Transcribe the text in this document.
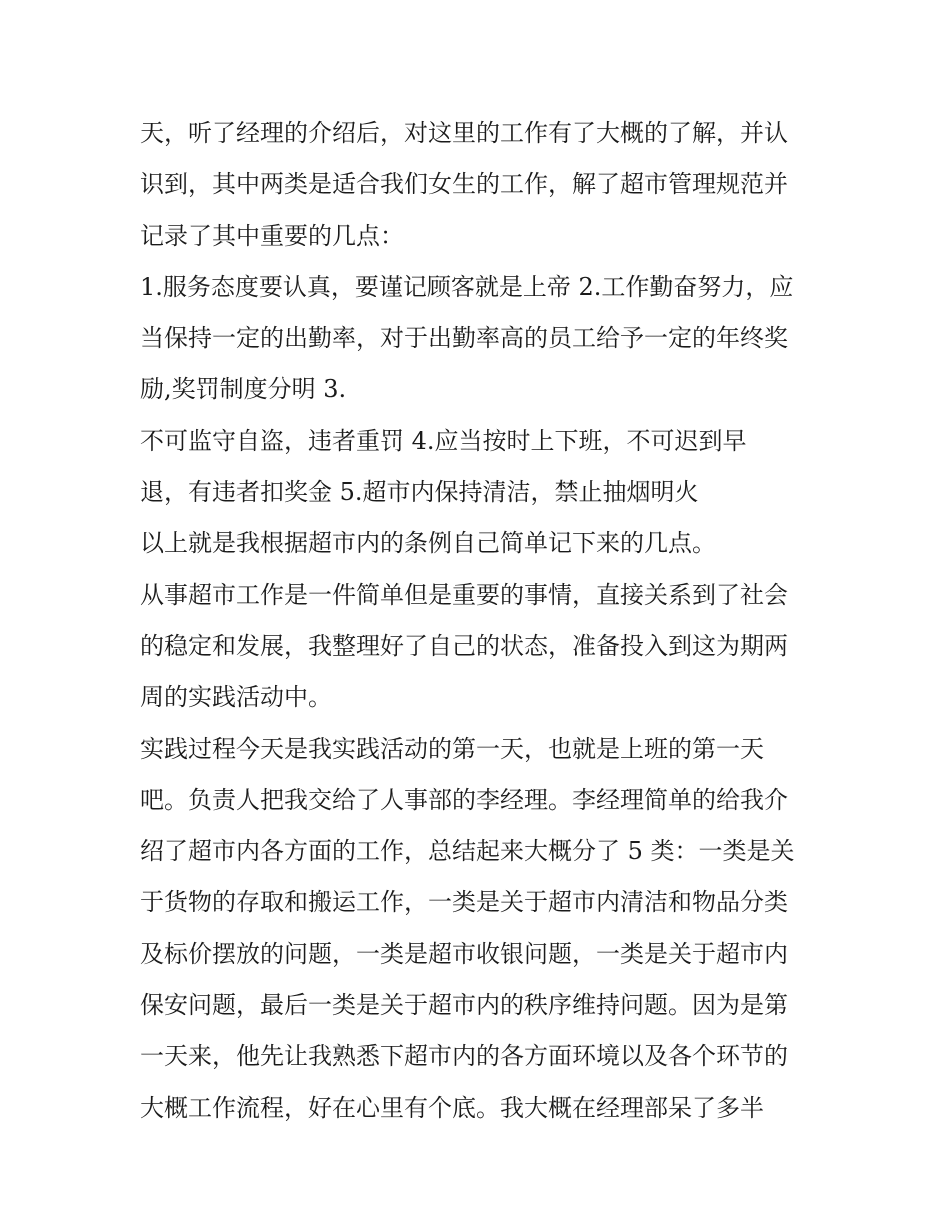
天，听了经理的介绍后，对这里的工作有了大概的了解，并认
识到，其中两类是适合我们女生的工作，解了超市管理规范并
记录了其中重要的几点：
1.服务态度要认真，要谨记顾客就是上帝 2.工作勤奋努力，应
当保持一定的出勤率，对于出勤率高的员工给予一定的年终奖
励,奖罚制度分明 3.
不可监守自盗，违者重罚 4.应当按时上下班，不可迟到早
退，有违者扣奖金 5.超市内保持清洁，禁止抽烟明火
以上就是我根据超市内的条例自己简单记下来的几点。
从事超市工作是一件简单但是重要的事情，直接关系到了社会
的稳定和发展，我整理好了自己的状态，准备投入到这为期两
周的实践活动中。
实践过程今天是我实践活动的第一天，也就是上班的第一天
吧。负责人把我交给了人事部的李经理。李经理简单的给我介
绍了超市内各方面的工作，总结起来大概分了 5 类：一类是关
于货物的存取和搬运工作，一类是关于超市内清洁和物品分类
及标价摆放的问题，一类是超市收银问题，一类是关于超市内
保安问题，最后一类是关于超市内的秩序维持问题。因为是第
一天来，他先让我熟悉下超市内的各方面环境以及各个环节的
大概工作流程，好在心里有个底。我大概在经理部呆了多半
